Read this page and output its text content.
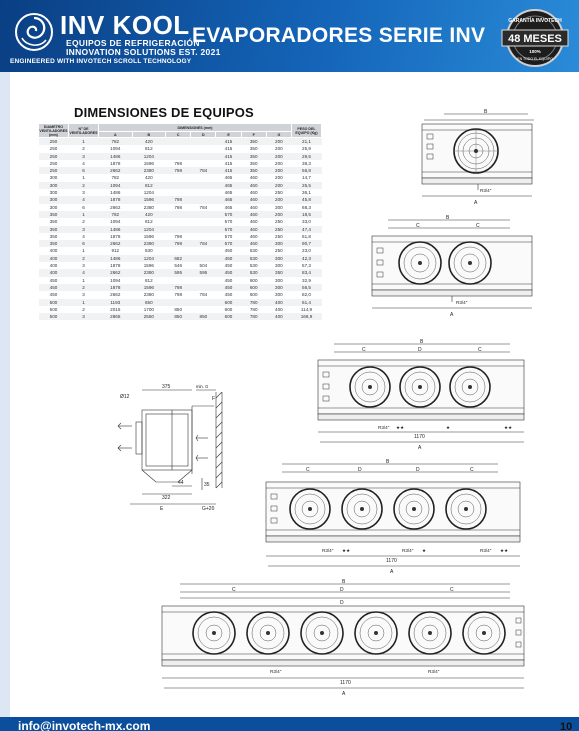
INV KOOL
EQUIPOS DE REFRIGERACIÓN
INNOVATION SOLUTIONS EST. 2021
ENGINEERED WITH INVOTECH SCROLL TECHNOLOGY
EVAPORADORES SERIE INV 48 MESES
GARANTÍA INVOTECH
100%
EN TODO EL EQUIPO
DIMENSIONES DE EQUIPOS
DIAMETRO VENTILADORES (mm)	N° DE VENTILADORES	DIMENSIONES (mm)							PESO DEL EQUIPO (Kg)
		A	B	C	D	E	F	G	
250	1	782	420			415	350	200	21,1
250	2	1094	812			415	350	200	25,9
250	3	1486	1204			415	350	200	29,5
250	4	1878	1596	798		415	350	200	38,3
250	6	2662	2380	798	784	415	350	200	56,8
300	1	782	420			465	460	200	14,7
300	2	1094	812			465	460	200	25,5
300	3	1486	1204			465	460	250	36,1
300	4	1878	1596	798		465	460	200	45,8
300	6	2662	2380	798	784	465	460	300	68,3
350	1	782	420			570	460	200	18,5
350	2	1094	812			570	460	250	33,0
350	3	1486	1204			570	460	250	47,4
350	4	1878	1596	798		570	460	250	61,8
350	6	2662	2380	798	784	570	460	300	90,7
400	1	912	630			450	530	250	23,0
400	2	1486	1204	682		450	530	300	42,3
400	3	1878	1596	546	504	450	530	300	57,3
400	4	2662	2380	595	595	450	530	350	83,4
450	1	1094	812			450	600	300	32,9
450	2	1878	1596	798		450	600	300	56,5
450	3	2662	2380	798	784	450	600	300	82,0
500	1	1193	650			600	780	400	61,4
500	2	2015	1700	850		600	780	400	114,9
500	3	2865	2550	850	850	600	780	400	168,9
Ø12
375	min. G
44	35
322
E	G+20
F
B
A
R3/4"
B
C	C
A
R3/4"
B
C	D	C
1170
A
R3/4" ★★	★	★★
B
C	D	D	C
1170
A
R3/4" ★★	R3/4" ★	R3/4" ★★
B
C	D
D
C
1170
A
R3/4"	R3/4"
info@invotech-mx.com	10
